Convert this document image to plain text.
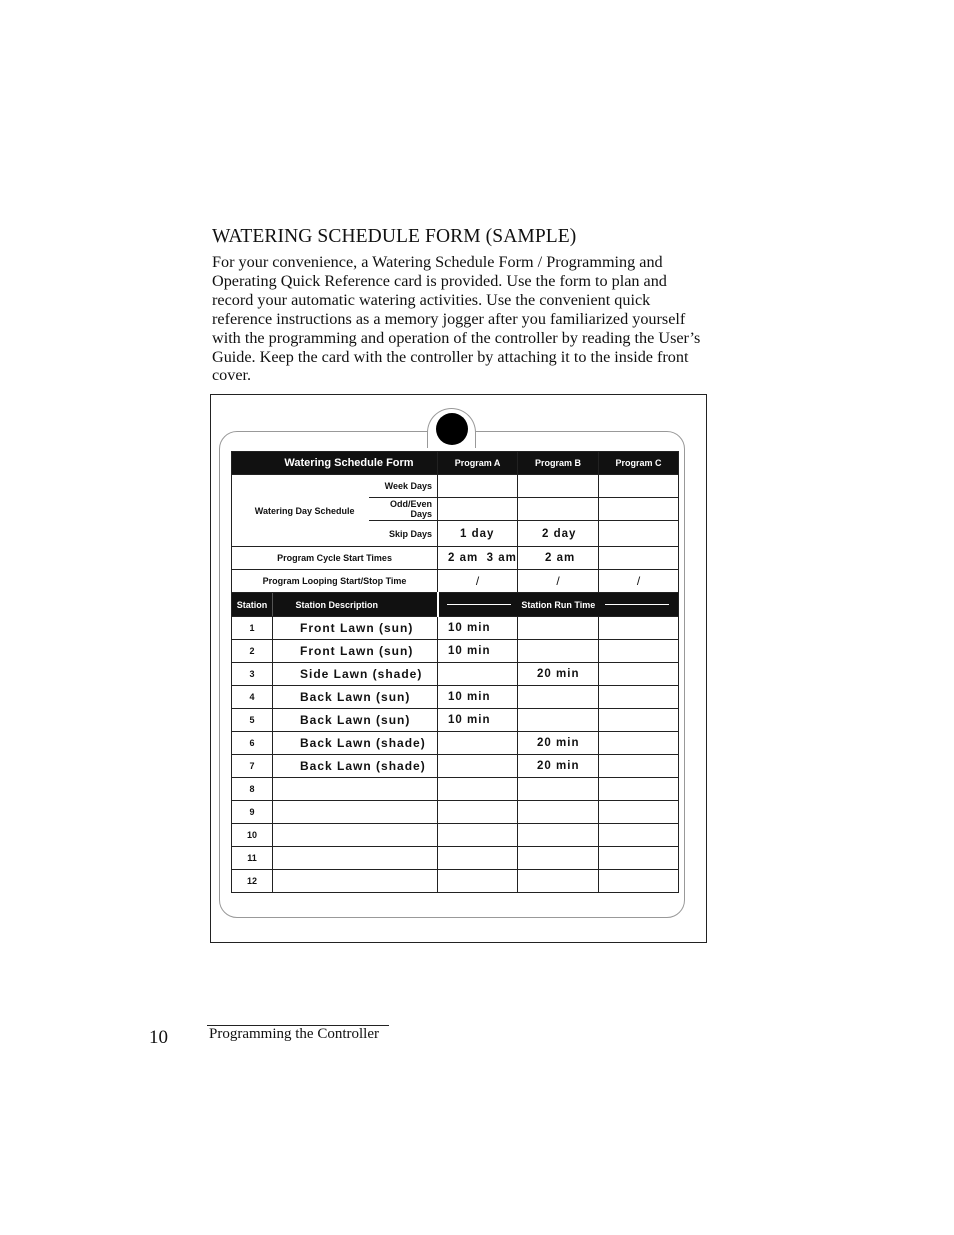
WATERING SCHEDULE FORM (SAMPLE)
For your convenience, a Watering Schedule Form / Programming and Operating Quick Reference card is provided. Use the form to plan and record your automatic watering activities. Use the convenient quick reference instructions as a memory jogger after you familiarized yourself with the programming and operation of the controller by reading the User’s Guide. Keep the card with the controller by attaching it to the inside front cover.
Watering Schedule Form			Program A	Program B	Program C
Watering Day Schedule		Week Days			
		Odd/Even Days			
		Skip Days	1 day	2 day	
Program Cycle Start Times			2 am  3 am	2 am	
Program Looping Start/Stop Time			/	/	/
Station	Station Description		Station Run Time		

1	Front Lawn (sun)		10 min		
2	Front Lawn (sun)		10 min		
3	Side Lawn (shade)			20 min	
4	Back Lawn (sun)		10 min		
5	Back Lawn (sun)		10 min		
6	Back Lawn (shade)			20 min	
7	Back Lawn (shade)			20 min	
8					
9					
10					
11					
12					
10	Programming the Controller
